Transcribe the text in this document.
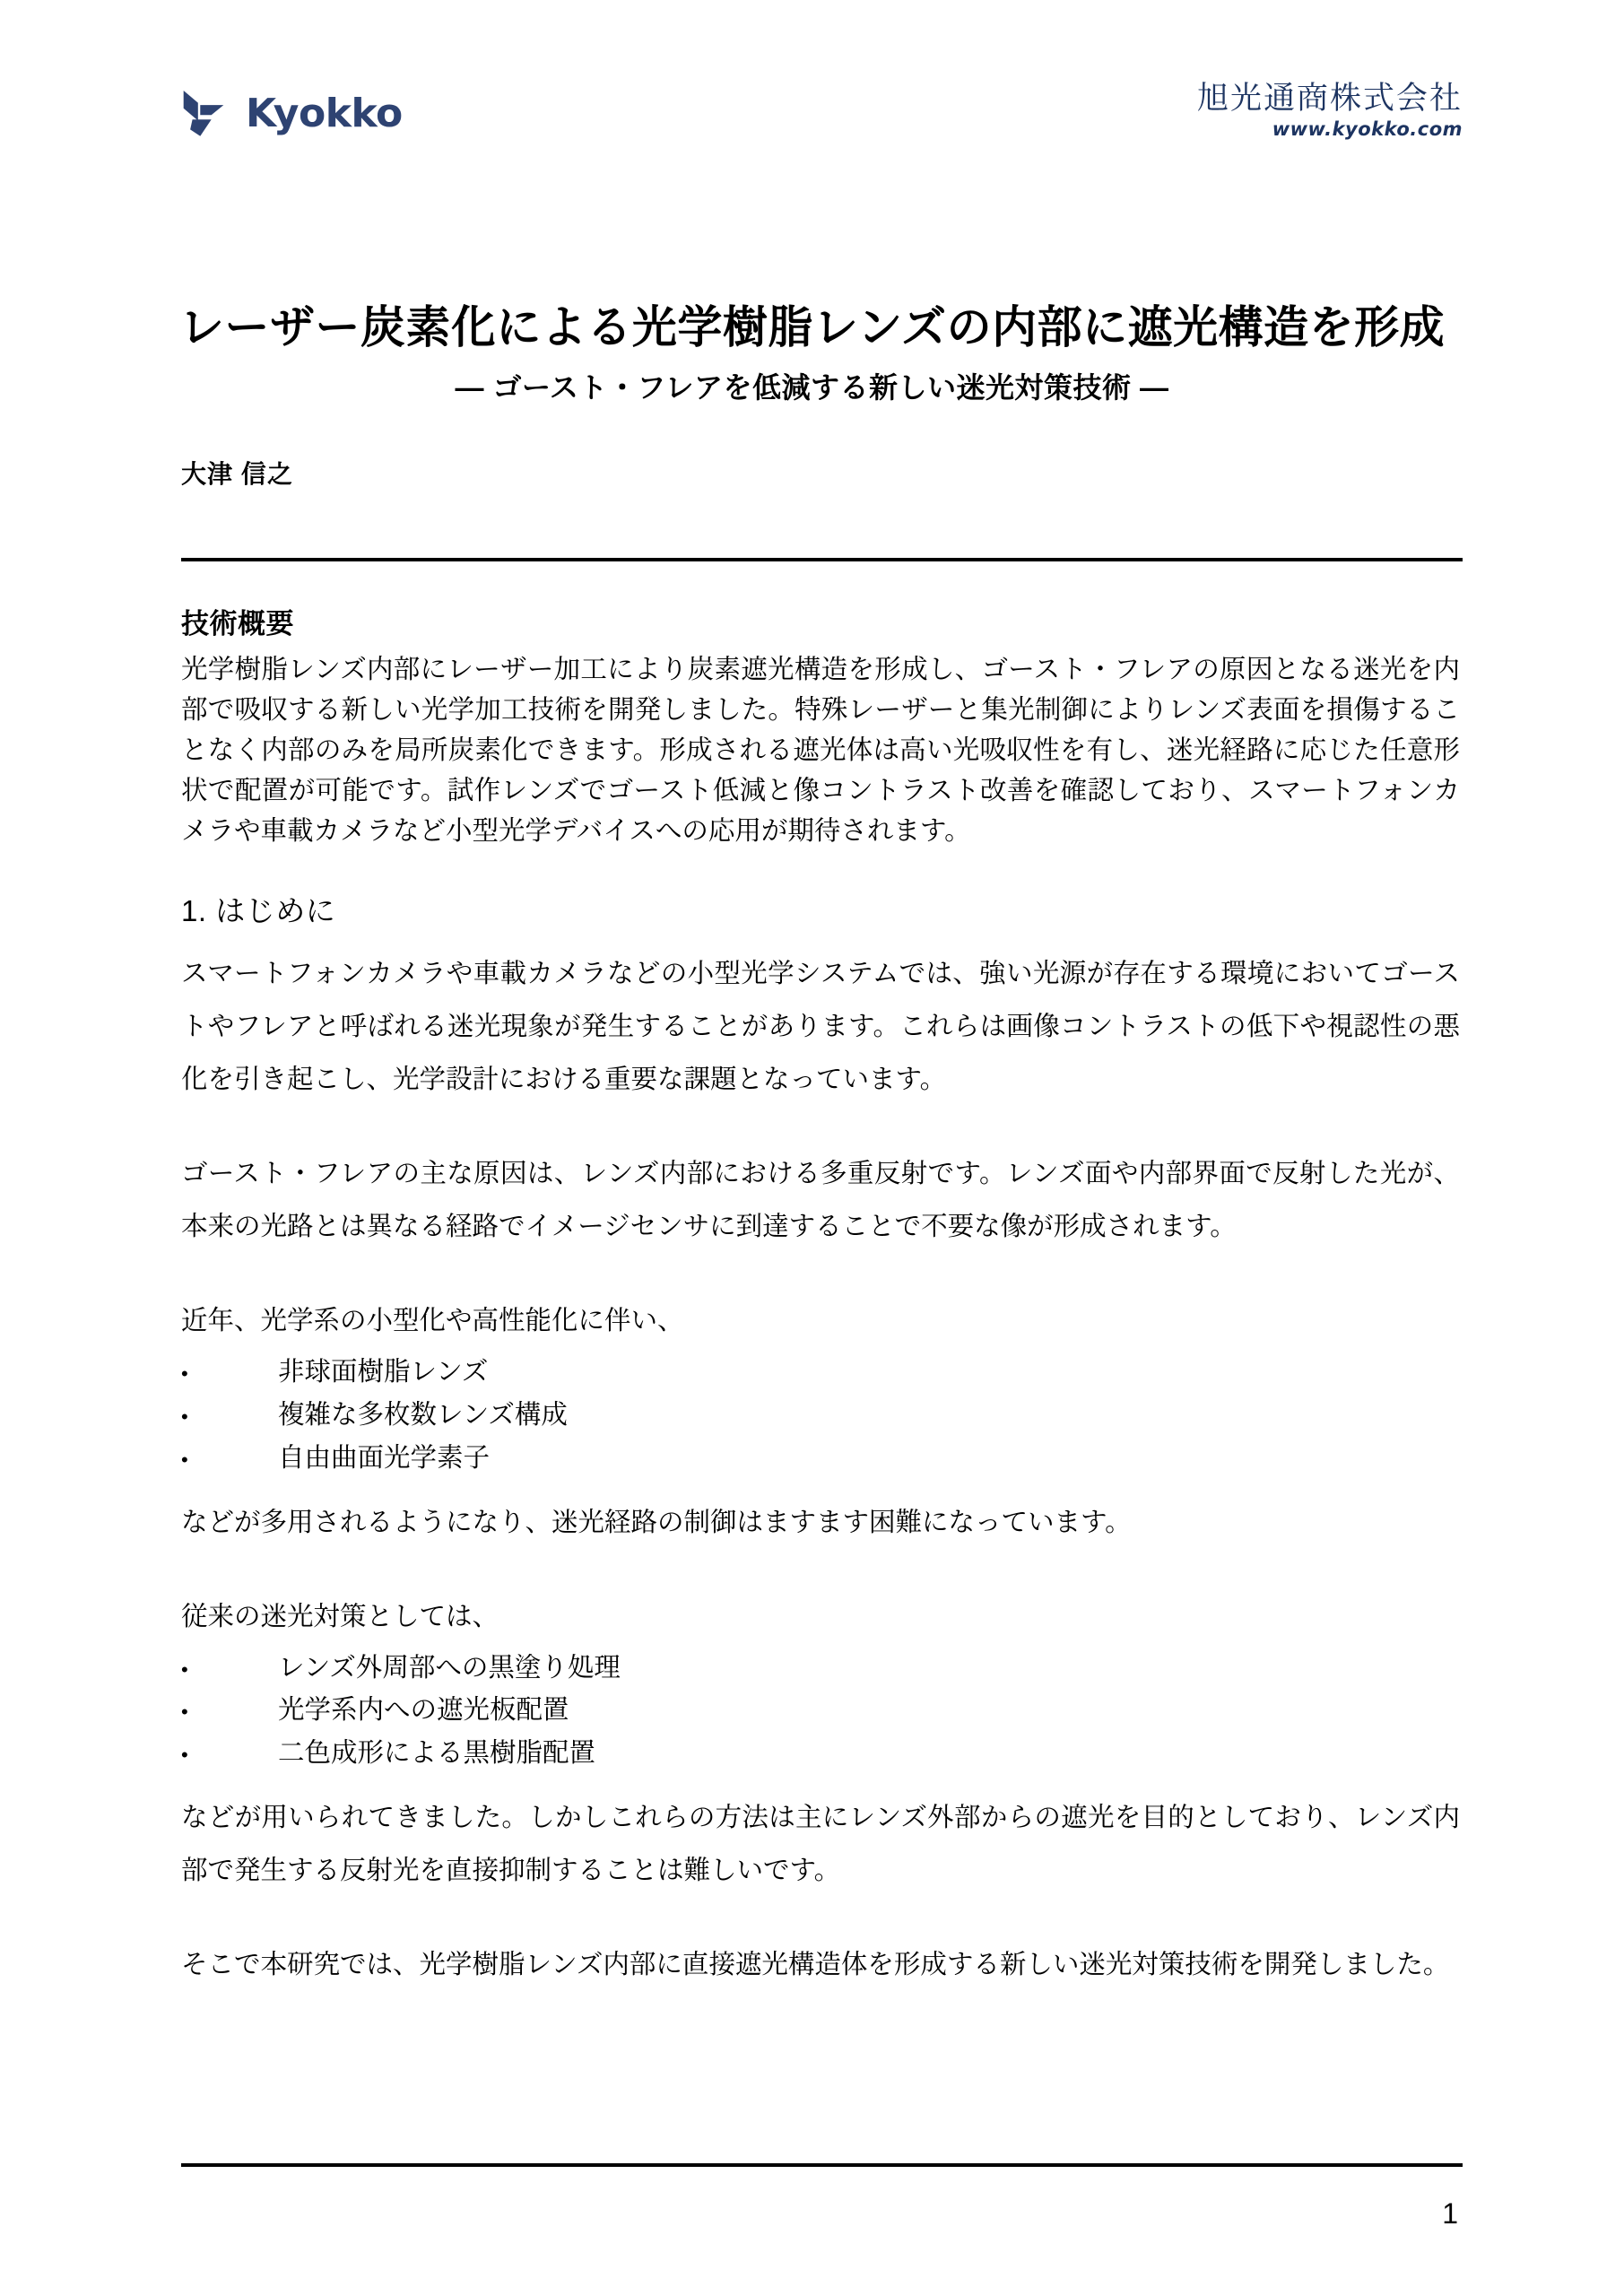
Kyokko	旭光通商株式会社
www.kyokko.com
レーザー炭素化による光学樹脂レンズの内部に遮光構造を形成
― ゴースト・フレアを低減する新しい迷光対策技術 ―
大津 信之
技術概要

光学樹脂レンズ内部にレーザー加工により炭素遮光構造を形成し、ゴースト・フレアの原因となる迷光を内部で吸収する新しい光学加工技術を開発しました。特殊レーザーと集光制御によりレンズ表面を損傷することなく内部のみを局所炭素化できます。形成される遮光体は高い光吸収性を有し、迷光経路に応じた任意形状で配置が可能です。試作レンズでゴースト低減と像コントラスト改善を確認しており、スマートフォンカメラや車載カメラなど小型光学デバイスへの応用が期待されます。

1. はじめに

スマートフォンカメラや車載カメラなどの小型光学システムでは、強い光源が存在する環境においてゴーストやフレアと呼ばれる迷光現象が発生することがあります。これらは画像コントラストの低下や視認性の悪化を引き起こし、光学設計における重要な課題となっています。

ゴースト・フレアの主な原因は、レンズ内部における多重反射です。レンズ面や内部界面で反射した光が、本来の光路とは異なる経路でイメージセンサに到達することで不要な像が形成されます。

近年、光学系の小型化や高性能化に伴い、

•
非球面樹脂レンズ
•
複雑な多枚数レンズ構成
•
自由曲面光学素子

などが多用されるようになり、迷光経路の制御はますます困難になっています。

従来の迷光対策としては、

•
レンズ外周部への黒塗り処理
•
光学系内への遮光板配置
•
二色成形による黒樹脂配置

などが用いられてきました。しかしこれらの方法は主にレンズ外部からの遮光を目的としており、レンズ内部で発生する反射光を直接抑制することは難しいです。

そこで本研究では、光学樹脂レンズ内部に直接遮光構造体を形成する新しい迷光対策技術を開発しました。

1
